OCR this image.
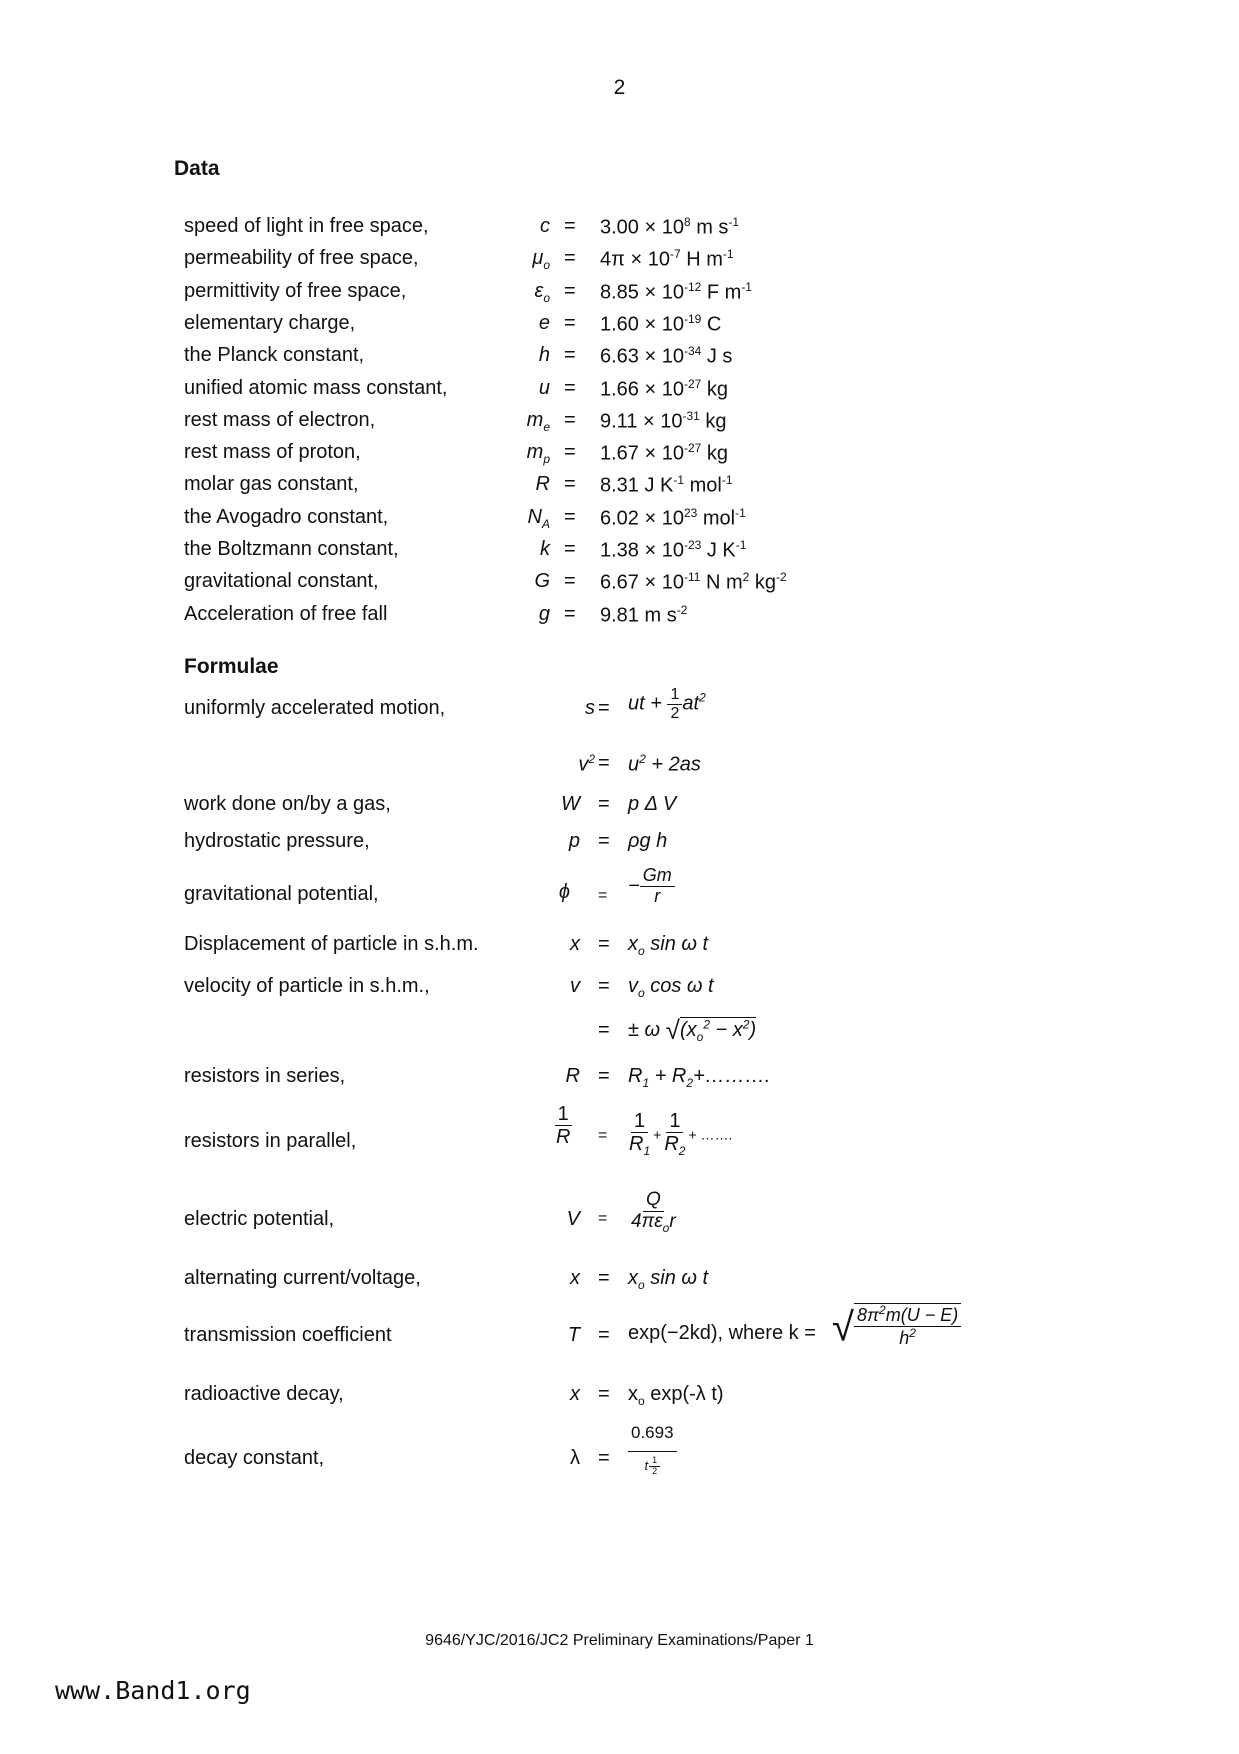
2
Data
speed of light in free space,	$c = 3.00 \times 10^8$ m $s^{-1}$
permeability of free space,	$\mu_o = 4\pi \times 10^{-7}$ H $m^{-1}$
permittivity of free space,	$\varepsilon_o = 8.85 \times 10^{-12}$ F $m^{-1}$
elementary charge,	$e = 1.60 \times 10^{-19}$ C
the Planck constant,	$h = 6.63 \times 10^{-34}$ J s
unified atomic mass constant,	$u = 1.66 \times 10^{-27}$ kg
rest mass of electron,	$m_e = 9.11 \times 10^{-31}$ kg
rest mass of proton,	$m_p = 1.67 \times 10^{-27}$ kg
molar gas constant,	R = 8.31 J $K^{-1}$ mol$^{-1}$
the Avogadro constant,	$N_A = 6.02 \times 10^{23}$ mol$^{-1}$
the Boltzmann constant,	$k = 1.38 \times 10^{-23}$ J $K^{-1}$
gravitational constant,	$G = 6.67 \times 10^{-11}$ N $m^2$ $kg^{-2}$
Acceleration of free fall	g = 9.81 m $s^{-2}$
Formulae
uniformly accelerated motion,	s = ut + $\frac{1}{2} at^2$
$v^2 = u^2 + 2as$
work done on/by a gas,	W = p Δ V
hydrostatic pressure,	p = ρg h
gravitational potential,	ϕ = − $\frac{Gm}{r}$
Displacement of particle in s.h.m.	$x = x_o$ sin ω t
velocity of particle in s.h.m.,	$v = v_o$ cos ω t
= ± ω $√(x_o^2 - x^2)$
resistors in series,	$R = R_1$ + $R_2+\dots\dots\dots$.
resistors in parallel,	$\frac{1}{R} = \frac{1}{R_1} + \frac{1}{R_2}$ + …….
electric potential,	$V = \frac{Q}{4\pi\varepsilon_or}$
alternating current/voltage,	$x = x_o$ sin ω t
transmission coefficient	T = exp(−2kd), where k = √ $\frac{8\pi^2m(U - E)}{h^2}$
radioactive decay,	$x = x_o$ exp(-λ t)
decay constant,	$\lambda = \frac{0.693}{t \frac{1}{2}}$
9646/YJC/2016/JC2 Preliminary Examinations/Paper 1
www.Band1.org
